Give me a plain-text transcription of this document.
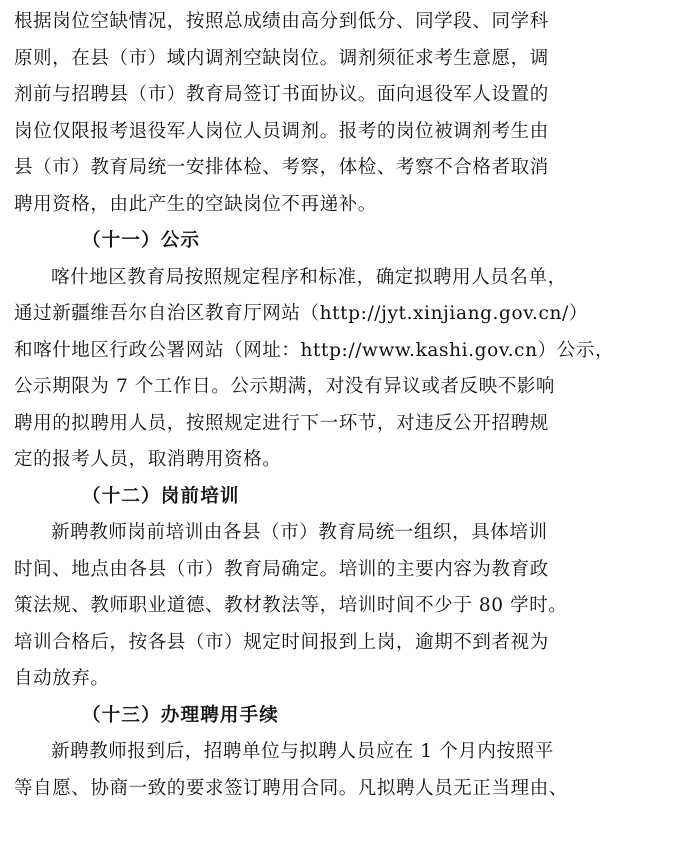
根据岗位空缺情况，按照总成绩由高分到低分、同学段、同学科
原则，在县（市）域内调剂空缺岗位。调剂须征求考生意愿，调
剂前与招聘县（市）教育局签订书面协议。面向退役军人设置的
岗位仅限报考退役军人岗位人员调剂。报考的岗位被调剂考生由
县（市）教育局统一安排体检、考察，体检、考察不合格者取消
聘用资格，由此产生的空缺岗位不再递补。
（十一）公示
喀什地区教育局按照规定程序和标准，确定拟聘用人员名单，
通过新疆维吾尔自治区教育厅网站（http://jyt.xinjiang.gov.cn/）
和喀什地区行政公署网站（网址：http://www.kashi.gov.cn）公示，
公示期限为 7 个工作日。公示期满，对没有异议或者反映不影响
聘用的拟聘用人员，按照规定进行下一环节，对违反公开招聘规
定的报考人员，取消聘用资格。
（十二）岗前培训
新聘教师岗前培训由各县（市）教育局统一组织，具体培训
时间、地点由各县（市）教育局确定。培训的主要内容为教育政
策法规、教师职业道德、教材教法等，培训时间不少于 80 学时。
培训合格后，按各县（市）规定时间报到上岗，逾期不到者视为
自动放弃。
（十三）办理聘用手续
新聘教师报到后，招聘单位与拟聘人员应在 1 个月内按照平
等自愿、协商一致的要求签订聘用合同。凡拟聘人员无正当理由、
